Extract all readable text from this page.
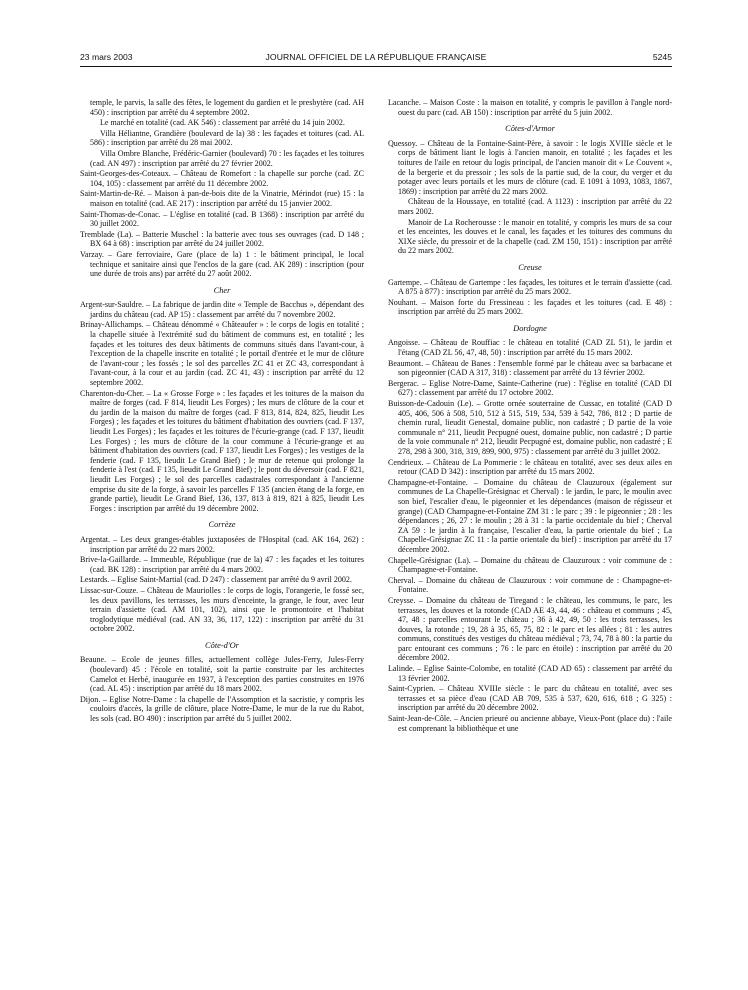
23 mars 2003	JOURNAL OFFICIEL DE LA RÉPUBLIQUE FRANÇAISE	5245
temple, le parvis, la salle des fêtes, le logement du gardien et le presbytère (cad. AH 450) : inscription par arrêté du 4 septembre 2002.
Le marché en totalité (cad. AK 546) : classement par arrêté du 14 juin 2002.
Villa Héliantne, Grandière (boulevard de la) 38 : les façades et toitures (cad. AL 586) : inscription par arrêté du 28 mai 2002.
Villa Ombre Blanche, Frédéric-Garnier (boulevard) 70 : les façades et les toitures (cad. AN 497) : inscription par arrêté du 27 février 2002.
Saint-Georges-des-Coteaux. – Château de Romefort : la chapelle sur porche (cad. ZC 104, 105) : classement par arrêté du 11 décembre 2002.
Saint-Martin-de-Ré. – Maison à pan-de-bois dite de la Vinatrie, Mérindot (rue) 15 : la maison en totalité (cad. AE 217) : inscription par arrêté du 15 janvier 2002.
Saint-Thomas-de-Conac. – L'église en totalité (cad. B 1368) : inscription par arrêté du 30 juillet 2002.
Tremblade (La). – Batterie Muschel : la batterie avec tous ses ouvrages (cad. D 148 ; BX 64 à 68) : inscription par arrêté du 24 juillet 2002.
Varzay. – Gare ferroviaire, Gare (place de la) 1 : le bâtiment principal, le local technique et sanitaire ainsi que l'enclos de la gare (cad. AK 289) : inscription (pour une durée de trois ans) par arrêté du 27 août 2002.
Cher
Argent-sur-Sauldre. – La fabrique de jardin dite « Temple de Bacchus », dépendant des jardins du château (cad. AP 15) : classement par arrêté du 7 novembre 2002.
Brinay-Allichamps. – Château dénommé « Châteaufer » : le corps de logis en totalité ; la chapelle située à l'extrémité sud du bâtiment de communs est, en totalité ; les façades et les toitures des deux bâtiments de communs situés dans l'avant-cour, à l'exception de la chapelle inscrite en totalité ; le portail d'entrée et le mur de clôture de l'avant-cour ; les fossés ; le sol des parcelles ZC 41 et ZC 43, correspondant à l'avant-cour, à la cour et au jardin (cad. ZC 41, 43) : inscription par arrêté du 12 septembre 2002.
Charenton-du-Cher. – La « Grosse Forge » : les façades et les toitures de la maison du maître de forges (cad. F 814, lieudit Les Forges) ; les murs de clôture de la cour et du jardin de la maison du maître de forges (cad. F 813, 814, 824, 825, lieudit Les Forges) ; les façades et les toitures du bâtiment d'habitation des ouvriers (cad. F 137, lieudit Les Forges) ; les façades et les toitures de l'écurie-grange (cad. F 137, lieudit Les Forges) ; les murs de clôture de la cour commune à l'écurie-grange et au bâtiment d'habitation des ouvriers (cad. F 137, lieudit Les Forges) ; les vestiges de la fenderie (cad. F 135, lieudit Le Grand Bief) ; le mur de retenue qui prolonge la fenderie à l'est (cad. F 135, lieudit Le Grand Bief) ; le pont du déversoir (cad. F 821, lieudit Les Forges) ; le sol des parcelles cadastrales correspondant à l'ancienne emprise du site de la forge, à savoir les parcelles F 135 (ancien étang de la forge, en grande partie), lieudit Le Grand Bief, 136, 137, 813 à 819, 821 à 825, lieudit Les Forges : inscription par arrêté du 19 décembre 2002.
Corrèze
Argentat. – Les deux granges-étables juxtaposées de l'Hospital (cad. AK 164, 262) : inscription par arrêté du 22 mars 2002.
Brive-la-Gaillarde. – Immeuble, République (rue de la) 47 : les façades et les toitures (cad. BK 128) : inscription par arrêté du 4 mars 2002.
Lestards. – Eglise Saint-Martial (cad. D 247) : classement par arrêté du 9 avril 2002.
Lissac-sur-Couze. – Château de Mauriolles : le corps de logis, l'orangerie, le fossé sec, les deux pavillons, les terrasses, les murs d'enceinte, la grange, le four, avec leur terrain d'assiette (cad. AM 101, 102), ainsi que le promontoire et l'habitat troglodytique médiéval (cad. AN 33, 36, 117, 122) : inscription par arrêté du 31 octobre 2002.
Côte-d'Or
Beaune. – Ecole de jeunes filles, actuellement collège Jules-Ferry, Jules-Ferry (boulevard) 45 : l'école en totalité, soit la partie construite par les architectes Camelot et Herbé, inaugurée en 1937, à l'exception des parties construites en 1976 (cad. AL 45) : inscription par arrêté du 18 mars 2002.
Dijon. – Eglise Notre-Dame : la chapelle de l'Assomption et la sacristie, y compris les couloirs d'accès, la grille de clôture, place Notre-Dame, le mur de la rue du Rabot, les sols (cad. BO 490) : inscription par arrêté du 5 juillet 2002.
Lacanche. – Maison Coste : la maison en totalité, y compris le pavillon à l'angle nord-ouest du parc (cad. AB 150) : inscription par arrêté du 5 juin 2002.
Côtes-d'Armor
Quessoy. – Château de la Fontaine-Saint-Père, à savoir : le logis XVIIIe siècle et le corps de bâtiment liant le logis à l'ancien manoir, en totalité ; les façades et les toitures de l'aile en retour du logis principal, de l'ancien manoir dit « Le Couvent », de la bergerie et du pressoir ; les sols de la partie sud, de la cour, du verger et du potager avec leurs portails et les murs de clôture (cad. E 1091 à 1093, 1083, 1867, 1869) : inscription par arrêté du 22 mars 2002.
Château de la Houssaye, en totalité (cad. A 1123) : inscription par arrêté du 22 mars 2002.
Manoir de La Rocherousse : le manoir en totalité, y compris les murs de sa cour et les enceintes, les douves et le canal, les façades et les toitures des communs du XIXe siècle, du pressoir et de la chapelle (cad. ZM 150, 151) : inscription par arrêté du 22 mars 2002.
Creuse
Gartempe. – Château de Gartempe : les façades, les toitures et le terrain d'assiette (cad. A 875 à 877) : inscription par arrêté du 25 mars 2002.
Nouhant. – Maison forte du Fressineau : les façades et les toitures (cad. E 48) : inscription par arrêté du 25 mars 2002.
Dordogne
Angoisse. – Château de Rouffiac : le château en totalité (CAD ZL 51), le jardin et l'étang (CAD ZL 56, 47, 48, 50) : inscription par arrêté du 15 mars 2002.
Beaumont. – Château de Banes : l'ensemble formé par le château avec sa barbacane et son pigeonnier (CAD A 317, 318) : classement par arrêté du 13 février 2002.
Bergerac. – Eglise Notre-Dame, Sainte-Catherine (rue) : l'église en totalité (CAD DI 627) : classement par arrêté du 17 octobre 2002.
Buisson-de-Cadouin (Le). – Grotte ornée souterraine de Cussac, en totalité (CAD D 405, 406, 506 à 508, 510, 512 à 515, 519, 534, 539 à 542, 786, 812 ; D partie de chemin rural, lieudit Genestal, domaine public, non cadastré ; D partie de la voie communale n° 211, lieudit Pecpugné ouest, domaine public, non cadastré ; D partie de la voie communale n° 212, lieudit Pecpugné est, domaine public, non cadastré ; E 278, 298 à 300, 318, 319, 899, 900, 975) : classement par arrêté du 3 juillet 2002.
Cendrieux. – Château de La Pommerie : le château en totalité, avec ses deux ailes en retour (CAD D 342) : inscription par arrêté du 15 mars 2002.
Champagne-et-Fontaine. – Domaine du château de Clauzuroux (également sur communes de La Chapelle-Grésignac et Cherval) : le jardin, le parc, le moulin avec son bief, l'escalier d'eau, le pigeonnier et les dépendances (maison de régisseur et grange) (CAD Champagne-et-Fontaine ZM 31 : le parc ; 39 : le pigeonnier ; 28 : les dépendances ; 26, 27 : le moulin ; 28 à 31 : la partie occidentale du bief ; Cherval ZA 59 : le jardin à la française, l'escalier d'eau, la partie orientale du bief ; La Chapelle-Grésignac ZC 11 : la partie orientale du bief) : inscription par arrêté du 17 décembre 2002.
Chapelle-Grésignac (La). – Domaine du château de Clauzuroux : voir commune de : Champagne-et-Fontaine.
Cherval. – Domaine du château de Clauzuroux : voir commune de : Champagne-et-Fontaine.
Creysse. – Domaine du château de Tiregand : le château, les communs, le parc, les terrasses, les douves et la rotonde (CAD AE 43, 44, 46 : château et communs ; 45, 47, 48 : parcelles entourant le château ; 36 à 42, 49, 50 : les trois terrasses, les douves, la rotonde ; 19, 28 à 35, 65, 75, 82 : le parc et les allées ; 81 : les autres communs, constitués des vestiges du château médiéval ; 73, 74, 78 à 80 : la partie du parc entourant ces communs ; 76 : le parc en étoile) : inscription par arrêté du 20 décembre 2002.
Lalinde. – Eglise Sainte-Colombe, en totalité (CAD AD 65) : classement par arrêté du 13 février 2002.
Saint-Cyprien. – Château XVIIIe siècle : le parc du château en totalité, avec ses terrasses et sa pièce d'eau (CAD AB 709, 535 à 537, 620, 616, 618 ; G 325) : inscription par arrêté du 20 décembre 2002.
Saint-Jean-de-Côle. – Ancien prieuré ou ancienne abbaye, Vieux-Pont (place du) : l'aile est comprenant la bibliothèque et une
